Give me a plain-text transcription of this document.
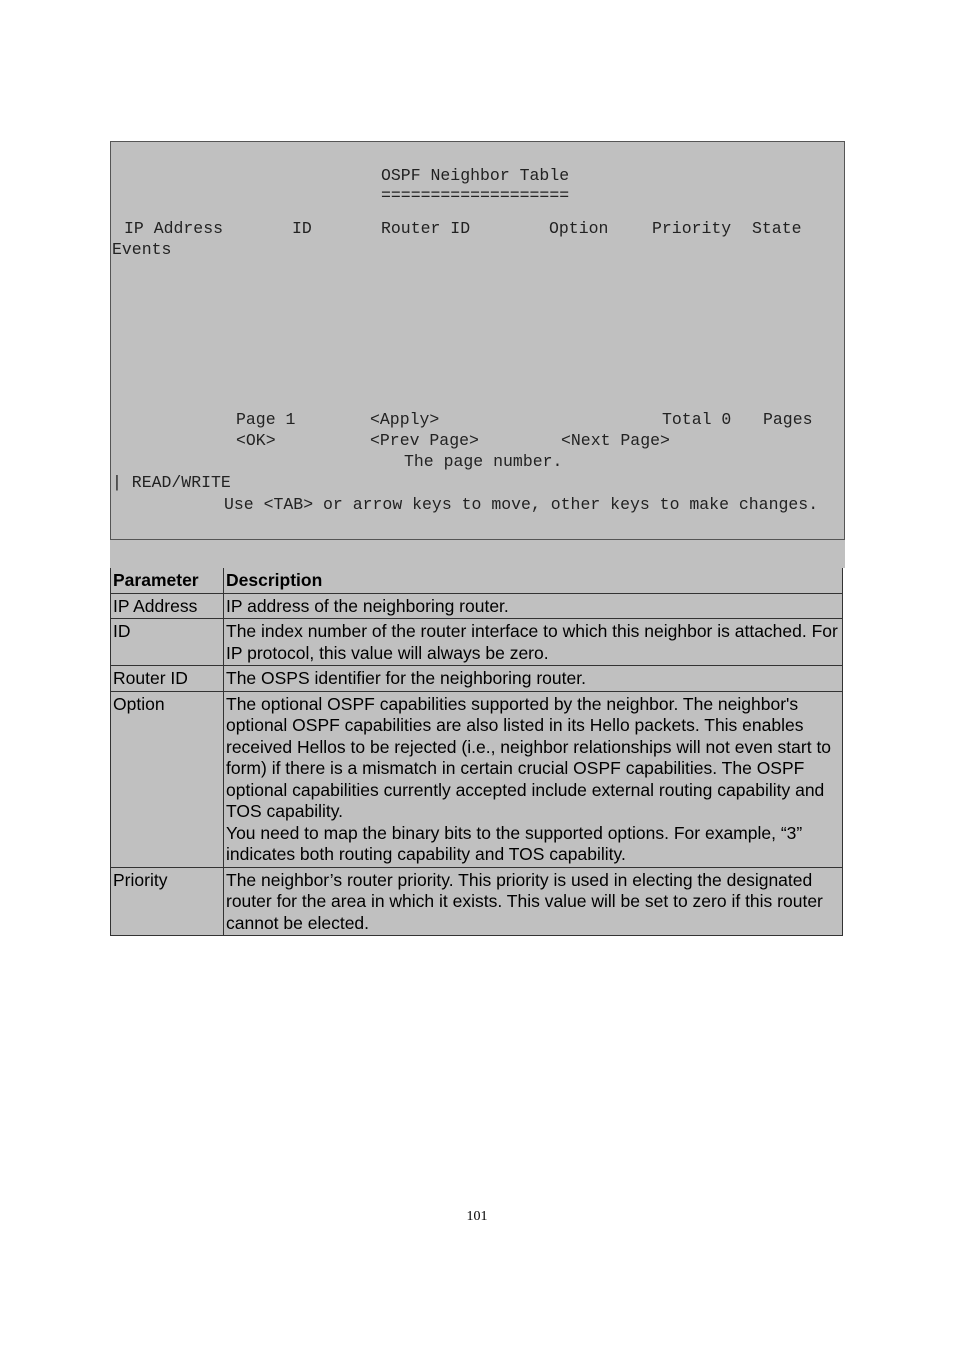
OSPF Neighbor Table
===================
IP Address	ID	Router ID	Option	Priority State
Events
Page 1	<Apply>	Total 0 Pages
<OK>	<Prev Page>	<Next Page>
The page number.
| READ/WRITE
Use <TAB> or arrow keys to move, other keys to make changes.
Parameter	Description
IP Address	IP address of the neighboring router.

ID	The index number of the router interface to which this neighbor is attached. For IP protocol, this value will always be zero.

Router ID	The OSPS identifier for the neighboring router.

Option	The optional OSPF capabilities supported by the neighbor. The neighbor's optional OSPF capabilities are also listed in its Hello packets. This enables received Hellos to be rejected (i.e., neighbor relationships will not even start to form) if there is a mismatch in certain crucial OSPF capabilities. The OSPF optional capabilities currently accepted include external routing capability and TOS capability.
You need to map the binary bits to the supported options. For example, “3” indicates both routing capability and TOS capability.

Priority	The neighbor’s router priority. This priority is used in electing the designated router for the area in which it exists. This value will be set to zero if this router cannot be elected.
101
